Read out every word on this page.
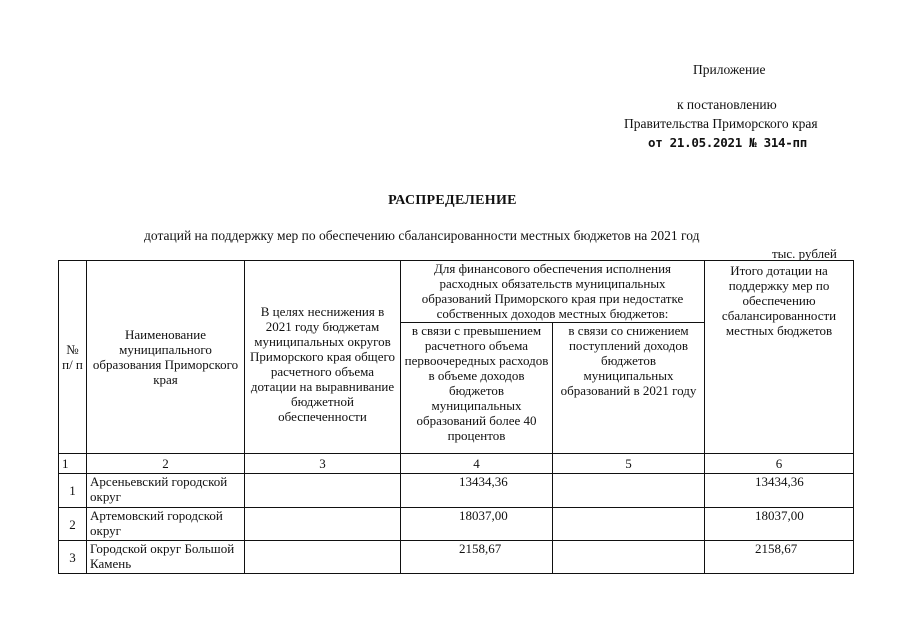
Приложение
к постановлению
Правительства Приморского края
от 21.05.2021 № 314-пп
РАСПРЕДЕЛЕНИЕ
дотаций на поддержку мер по обеспечению сбалансированности местных бюджетов на 2021 год
тыс. рублей
№ п/ п	Наименование муниципального образования Приморского края	В целях неснижения в 2021 году бюджетам муниципальных округов Приморского края общего расчетного объема дотации на выравнивание бюджетной обеспеченности	Для финансового обеспечения исполнения расходных обязательств муниципальных образований Приморского края при недостатке собственных доходов местных бюджетов:		Итого дотации на поддержку мер по обеспечению сбалансированности местных бюджетов
			в связи с превышением расчетного объема первоочередных расходов в объеме доходов бюджетов муниципальных образований более 40 процентов	в связи со снижением поступлений доходов бюджетов муниципальных образований в 2021 году	
1	2	3	4	5	6
1	Арсеньевский городской округ		13434,36		13434,36
2	Артемовский городской округ		18037,00		18037,00
3	Городской округ Большой Камень		2158,67		2158,67
